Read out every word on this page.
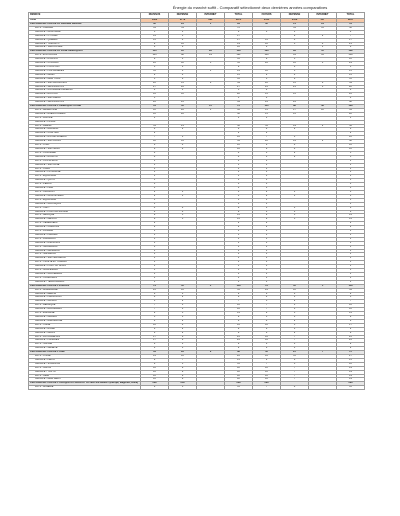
Énergie du marché suffit - Comparatif sélectionné deux dernières années comparatives
REMOVE	REVENUS	DEPENSE	INTERNET	TOTAL	FOYERS	DEPENSE	INTERNET	TOTAL
Unité	1302	2779	881	3871	2544	2558	417	2267
CIRCONSCRIPTION DE LA GRANDE RÉGION	32	23	1	84	32	14	19	41
PAYS - CANADA	41	31		72		31	11	52
GROUPE - MONTRÉAL	5	1		6	3	1		4
GROUPE - OTTAWA	14	3		17		8	2	7
GROUPE - QUÉBEC	13	4		17	13	4		17
GROUPE - TORONTO	9	10		19	12	5	4	21
GROUPE - VANCOUVER	6	6		12	6		1	6
CIRCONSCRIPTION DE LA ZONE AMÉRIQUES	113	95	28	118	126	93	45	139
PAYS - ÉTATS-UNIS	113	88	29	121	118	91	45	138
GROUPE - ATLANTA	8	3		11	8	5		12
GROUPE - CHICAGO	26	18	5	35	26	16	3	29
GROUPE - HOUSTON	5	3		8		3		5
GROUPE - LOS ANGELES	11	3	1	14	12	5		15
GROUPE - MIAMI	9	4		13	9	4		13
GROUPE - NEW YORK	5	6		11	5	6		11
GROUPE - SAN FRANCISCO	20	13	6	39	20	13	6	39
GROUPE - WASHINGTON	27	26		27	25	21	3	28
GROUPE - NOUVELLE-ORLÉANS	4	1		5	4			4
GROUPE - BOSTON	16	12		28	13	13		26
GROUPE - SAN DIEGO	5			5	4			4
GROUPE - WASHINGTON	26	23		49	24	24		48
CIRCONSCRIPTION DE L'AMÉRIQUE LATINE	31	35	15	76	110	88	48	128
PAYS - ARGENTINE	12	20	1	33	15	17	18	34
GROUPE - BUENOS AIRES	12	20		32	15	13		28
PAYS - BOLIVIE	1			1	1			1
GROUPE - LA PAZ								
PAYS - BRÉSIL	31	21		52	35	19	2	56
GROUPE - BRASILIA	4	2		6	4	2		6
GROUPE - CURITIBA	2			2	2			2
GROUPE - RIO DE JANEIRO	7	3		10	7	3		10
GROUPE - SÃO PAULO	18	16		34	22	14	2	38
PAYS - CHILI	6	4		10	6	4		10
GROUPE - SANTIAGO	6	4		10	6	4		10
PAYS - COLOMBIE	4			4	3	2		5
GROUPE - BOGOTA	4			4	3	2		5
PAYS - COSTA RICA	1			1	1			1
GROUPE - SAN JOSÉ	1			1	1			1
PAYS - CUBA	1			1	1			1
GROUPE - LA HAVANE	1			1	1			1
PAYS - ÉQUATEUR	1			1	1			1
GROUPE - QUITO	1			1	1			1
PAYS - PÉROU	3			3	3			3
GROUPE - LIMA	3			3	3			3
PAYS - URUGUAY	2	1		3	2	1		3
GROUPE - MONTEVIDEO	2	1		3	2	1		3
PAYS - ÉQUATEUR	1			1	1			1
GROUPE - GUAYAQUIL	1			1	1			1
PAYS - HAÏTI	4	4		8	3	3		6
GROUPE - PORT-AU-PRINCE	4	4		8	3	3		6
PAYS - MEXIQUE	8	5		13	9	5		14
GROUPE - MEXICO	8	5		13	9	5		14
PAYS - VENEZUELA	2			2	2			2
GROUPE - CARACAS	2			2	2			2
PAYS - PANAMA	1			1	1			1
GROUPE - PANAMA	1			1	1			1
PAYS - PARAGUAY	1			1	1			1
GROUPE - ASUNCION	1			1	1			1
PAYS - NICARAGUA	1			1	1			1
GROUPE - MANAGUA	1			1	1			1
PAYS - SALVADOR	1			1	1			1
GROUPE - SAN SALVADOR	1			1	1			1
PAYS - TRINITÉ ET TOBAGO	1			1	1			1
GROUPE - PORT OF SPAIN	1			1	1			1
PAYS - GUATEMALA	1			1	1			1
GROUPE - GUATEMALA	1			1	1			1
PAYS - HONDURAS	1			1	1			1
GROUPE - TEGUCIGALPA	1			1	1			1
CIRCONSCRIPTION DE L'EUROPE	79	35	4	118	78	35	5	118
PAYS - ALLEMAGNE	23	12		35	24	10		34
GROUPE - BERLIN	6	3		9	6	3		9
GROUPE - FRANCFORT	4	2		6	4	1		5
GROUPE - MUNICH	5	2		7	5	2		7
PAYS - BELGIQUE	7	3		10	7	3		10
GROUPE - BRUXELLES	7	3		10	7	3		10
PAYS - ESPAGNE	9	5		14	9	5		14
GROUPE - MADRID	5	3		8	5	3		8
GROUPE - BARCELONE	4	2		6	4	2		6
PAYS - ITALIE	12	4		16	12	5		17
GROUPE - ROME	6	2		8	6	3		9
GROUPE - MILAN	6	2		8	6	2		8
PAYS - ROYAUME-UNI	17	6		23	16	7		23
GROUPE - LONDRES	17	6		23	16	7		23
PAYS - SUISSE	6	3		9	6	3		9
GROUPE - GENÈVE	6	3		9	6	3		9
CIRCONSCRIPTION DE L'ASIE	34	28	6	68	40	25	7	72
PAYS - CHINE	14	12		26	16	11		27
GROUPE - PÉKIN	8	7		15	9	6		15
GROUPE - SHANGHAI	6	5		11	7	5		12
PAYS - JAPON	10	8		18	12	7		19
GROUPE - TOKYO	10	8		18	12	7		19
PAYS - INDE	10	8		18	12	7		19
GROUPE - NEW DELHI	10	8		18	12	7		19
CIRCONSCRIPTION DE L'AFRIQUE DU NORD ET DU MOYEN-ORIENT (Europe, Maghreb, Golfe)	268	258		268	286			286
PAYS - ALGÉRIE	6	5		11	7	4		11
